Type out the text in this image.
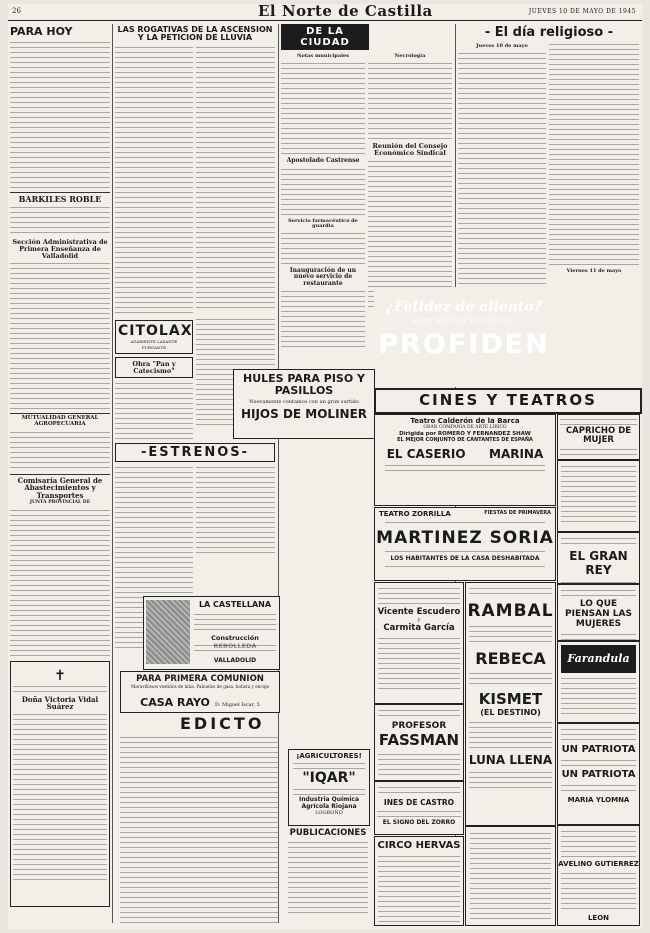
26	El Norte de Castilla	JUEVES 10 DE MAYO DE 1945
PARA HOY
BARKILES ROBLE
Sección Administrativa de Primera Enseñanza de Valladolid
MUTUALIDAD GENERAL AGROPECUARIA
Comisaría General de Abastecimientos y Transportes
JUNTA PROVINCIAL DE
✝
Doña Victoria Vidal Suárez
LAS ROGATIVAS DE LA ASCENSION Y LA PETICION DE LLUVIA
CITOLAX
AZARIENTE LAXANTE PURGANTE
Obra "Pan y Catecismo"
-ESTRENOS-
LA CASTELLANA
Construcción
VALLADOLID
PARA PRIMERA COMUNION
Maravillosos vestidos de niña. Pañuelos de gasa, batista y encaje
CASA RAYO D. Miguel Iscar, 5
EDICTO
DE LA CIUDAD
Notas municipales
Apostolado Castrense
Servicio farmacéutico de guardia
Inauguración de un nuevo servicio de restaurante
Necrología
Reunión del Consejo Económico Sindical
¿Fetidez de aliento?
Elixir ANTISEPTICO BUCAL
PROFIDEN
HULES PARA PISO Y PASILLOS
Nuevamente contamos con un gran surtido
HIJOS DE MOLINER
¡AGRICULTORES!
"IQAR"
Industria Química Agrícola Riojana
LOGROÑO
PUBLICACIONES
- El día religioso -
Jueves 10 de mayo
Viernes 11 de mayo
CINES Y TEATROS
Teatro Calderón de la Barca
GRAN COMPAÑIA DE ARTE LIRICO
Dirigida por ROMERO Y FERNANDEZ SHAW
EL MEJOR CONJUNTO DE CANTANTES DE ESPAÑA
EL CASERIO MARINA
TEATRO ZORRILLA	FIESTAS DE PRIMAVERA
MARTINEZ SORIA
LOS HABITANTES DE LA CASA DESHABITADA
Vicente Escudero
y
Carmita García
PROFESOR
FASSMAN
INES DE CASTRO
EL SIGNO DEL ZORRO
CIRCO HERVAS
RAMBAL
REBECA
KISMET
(EL DESTINO)
LUNA LLENA
CAPRICHO DE MUJER
EL GRAN REY
LO QUE PIENSAN LAS MUJERES
Farandula
UN PATRIOTA
UN PATRIOTA
MARIA YLOMNA
AVELINO GUTIERREZ
LEON
